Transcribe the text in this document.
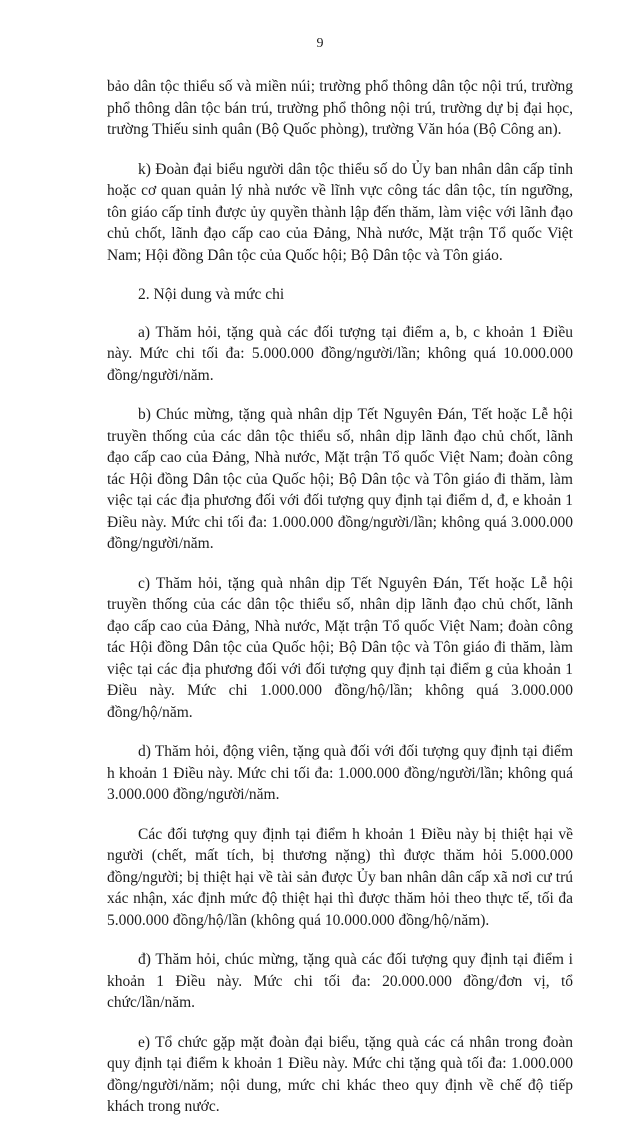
9

bảo dân tộc thiểu số và miền núi; trường phổ thông dân tộc nội trú, trường phổ thông dân tộc bán trú, trường phổ thông nội trú, trường dự bị đại học, trường Thiếu sinh quân (Bộ Quốc phòng), trường Văn hóa (Bộ Công an).

k) Đoàn đại biểu người dân tộc thiểu số do Ủy ban nhân dân cấp tỉnh hoặc cơ quan quản lý nhà nước về lĩnh vực công tác dân tộc, tín ngưỡng, tôn giáo cấp tỉnh được ủy quyền thành lập đến thăm, làm việc với lãnh đạo chủ chốt, lãnh đạo cấp cao của Đảng, Nhà nước, Mặt trận Tổ quốc Việt Nam; Hội đồng Dân tộc của Quốc hội; Bộ Dân tộc và Tôn giáo.

2. Nội dung và mức chi

a) Thăm hỏi, tặng quà các đối tượng tại điểm a, b, c khoản 1 Điều này. Mức chi tối đa: 5.000.000 đồng/người/lần; không quá 10.000.000 đồng/người/năm.

b) Chúc mừng, tặng quà nhân dịp Tết Nguyên Đán, Tết hoặc Lễ hội truyền thống của các dân tộc thiểu số, nhân dịp lãnh đạo chủ chốt, lãnh đạo cấp cao của Đảng, Nhà nước, Mặt trận Tổ quốc Việt Nam; đoàn công tác Hội đồng Dân tộc của Quốc hội; Bộ Dân tộc và Tôn giáo đi thăm, làm việc tại các địa phương đối với đối tượng quy định tại điểm d, đ, e khoản 1 Điều này. Mức chi tối đa: 1.000.000 đồng/người/lần; không quá 3.000.000 đồng/người/năm.

c) Thăm hỏi, tặng quà nhân dịp Tết Nguyên Đán, Tết hoặc Lễ hội truyền thống của các dân tộc thiểu số, nhân dịp lãnh đạo chủ chốt, lãnh đạo cấp cao của Đảng, Nhà nước, Mặt trận Tổ quốc Việt Nam; đoàn công tác Hội đồng Dân tộc của Quốc hội; Bộ Dân tộc và Tôn giáo đi thăm, làm việc tại các địa phương đối với đối tượng quy định tại điểm g của khoản 1 Điều này. Mức chi 1.000.000 đồng/hộ/lần; không quá 3.000.000 đồng/hộ/năm.

d) Thăm hỏi, động viên, tặng quà đối với đối tượng quy định tại điểm h khoản 1 Điều này. Mức chi tối đa: 1.000.000 đồng/người/lần; không quá 3.000.000 đồng/người/năm.

Các đối tượng quy định tại điểm h khoản 1 Điều này bị thiệt hại về người (chết, mất tích, bị thương nặng) thì được thăm hỏi 5.000.000 đồng/người; bị thiệt hại về tài sản được Ủy ban nhân dân cấp xã nơi cư trú xác nhận, xác định mức độ thiệt hại thì được thăm hỏi theo thực tế, tối đa 5.000.000 đồng/hộ/lần (không quá 10.000.000 đồng/hộ/năm).

đ) Thăm hỏi, chúc mừng, tặng quà các đối tượng quy định tại điểm i khoản 1 Điều này. Mức chi tối đa: 20.000.000 đồng/đơn vị, tổ chức/lần/năm.

e) Tổ chức gặp mặt đoàn đại biểu, tặng quà các cá nhân trong đoàn quy định tại điểm k khoản 1 Điều này. Mức chi tặng quà tối đa: 1.000.000 đồng/người/năm; nội dung, mức chi khác theo quy định về chế độ tiếp khách trong nước.
